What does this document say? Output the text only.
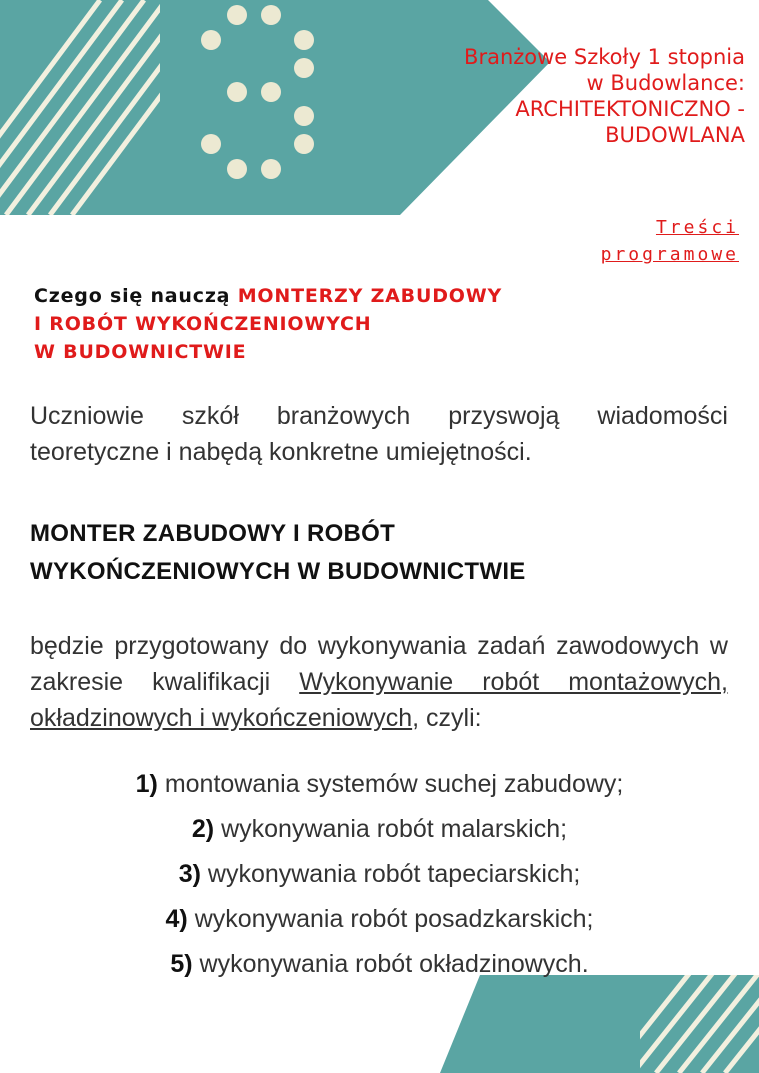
Branżowe Szkoły 1 stopnia
w Budowlance:
ARCHITEKTONICZNO -
BUDOWLANA
Treści
programowe
Czego się nauczą MONTERZY ZABUDOWY
I ROBÓT WYKOŃCZENIOWYCH
W BUDOWNICTWIE
Uczniowie szkół branżowych przyswoją wiadomości teoretyczne i nabędą konkretne umiejętności.
MONTER ZABUDOWY I ROBÓT
WYKOŃCZENIOWYCH W BUDOWNICTWIE
będzie przygotowany do wykonywania zadań zawodowych w zakresie kwalifikacji Wykonywanie robót montażowych, okładzinowych i wykończeniowych, czyli:
1) montowania systemów suchej zabudowy;
2) wykonywania robót malarskich;
3) wykonywania robót tapeciarskich;
4) wykonywania robót posadzkarskich;
5) wykonywania robót okładzinowych.
